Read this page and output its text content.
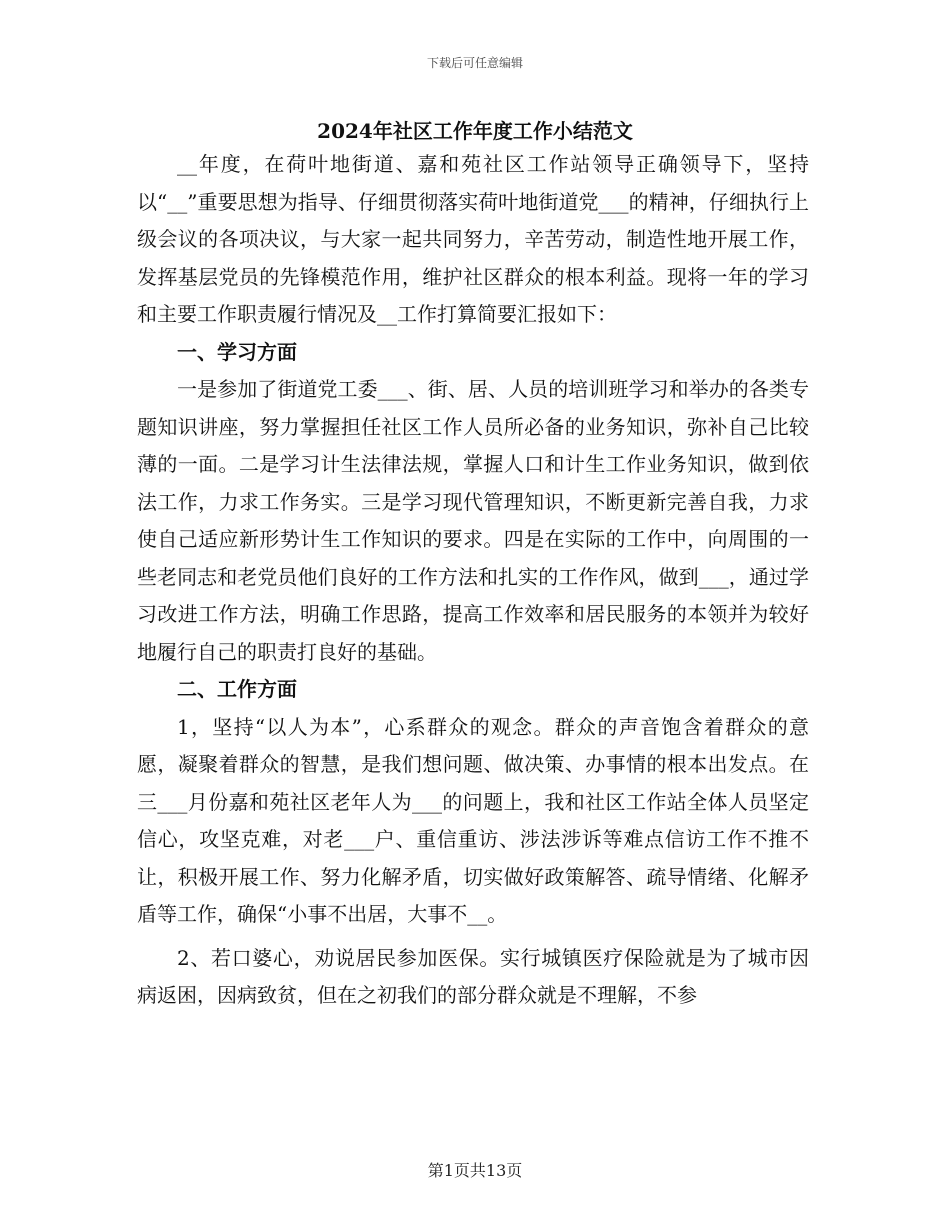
下载后可任意编辑
2024年社区工作年度工作小结范文

__年度，在荷叶地街道、嘉和苑社区工作站领导正确领导下，坚持以“__”重要思想为指导、仔细贯彻落实荷叶地街道党___的精神，仔细执行上级会议的各项决议，与大家一起共同努力，辛苦劳动，制造性地开展工作，发挥基层党员的先锋模范作用，维护社区群众的根本利益。现将一年的学习和主要工作职责履行情况及__工作打算简要汇报如下：

一、学习方面

一是参加了街道党工委___、街、居、人员的培训班学习和举办的各类专题知识讲座，努力掌握担任社区工作人员所必备的业务知识，弥补自己比较薄的一面。二是学习计生法律法规，掌握人口和计生工作业务知识，做到依法工作，力求工作务实。三是学习现代管理知识，不断更新完善自我，力求使自己适应新形势计生工作知识的要求。四是在实际的工作中，向周围的一些老同志和老党员他们良好的工作方法和扎实的工作作风，做到___，通过学习改进工作方法，明确工作思路，提高工作效率和居民服务的本领并为较好地履行自己的职责打良好的基础。

二、工作方面

1，坚持“以人为本”，心系群众的观念。群众的声音饱含着群众的意愿，凝聚着群众的智慧，是我们想问题、做决策、办事情的根本出发点。在三___月份嘉和苑社区老年人为___的问题上，我和社区工作站全体人员坚定信心，攻坚克难，对老___户、重信重访、涉法涉诉等难点信访工作不推不让，积极开展工作、努力化解矛盾，切实做好政策解答、疏导情绪、化解矛盾等工作，确保“小事不出居，大事不__。

2、若口婆心，劝说居民参加医保。实行城镇医疗保险就是为了城市因病返困，因病致贫，但在之初我们的部分群众就是不理解，不参

第1页共13页
